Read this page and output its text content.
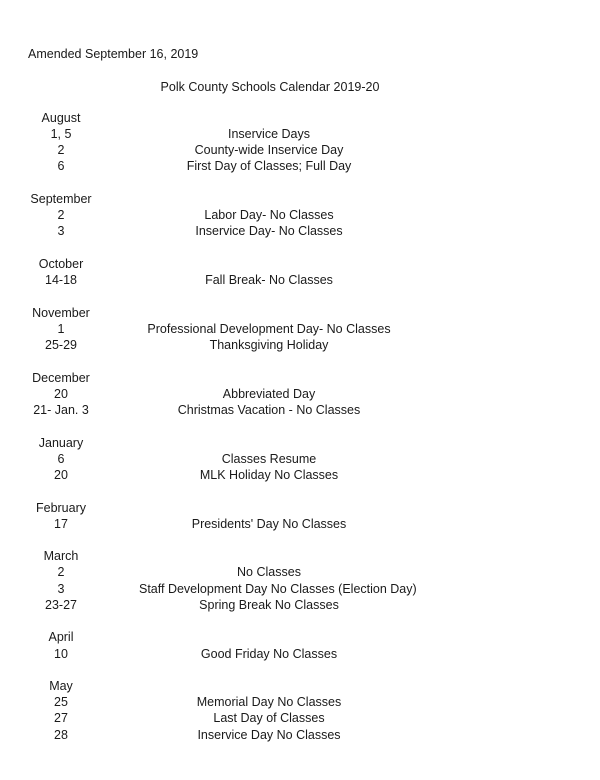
Amended September 16, 2019
Polk County Schools Calendar 2019-20
August
1, 5	Inservice Days
2	County-wide Inservice Day
6	First Day of Classes; Full Day
September
2	Labor Day- No Classes
3	Inservice Day- No Classes
October
14-18	Fall Break- No Classes
November
1	Professional Development Day- No Classes
25-29	Thanksgiving Holiday
December
20	Abbreviated Day
21- Jan. 3	Christmas Vacation - No Classes
January
6	Classes Resume
20	MLK Holiday No Classes
February
17	Presidents' Day No Classes
March
2	No Classes
3	Staff Development Day No Classes (Election Day)
23-27	Spring Break No Classes
April
10	Good Friday No Classes
May
25	Memorial Day No Classes
27	Last Day of Classes
28	Inservice Day No Classes
